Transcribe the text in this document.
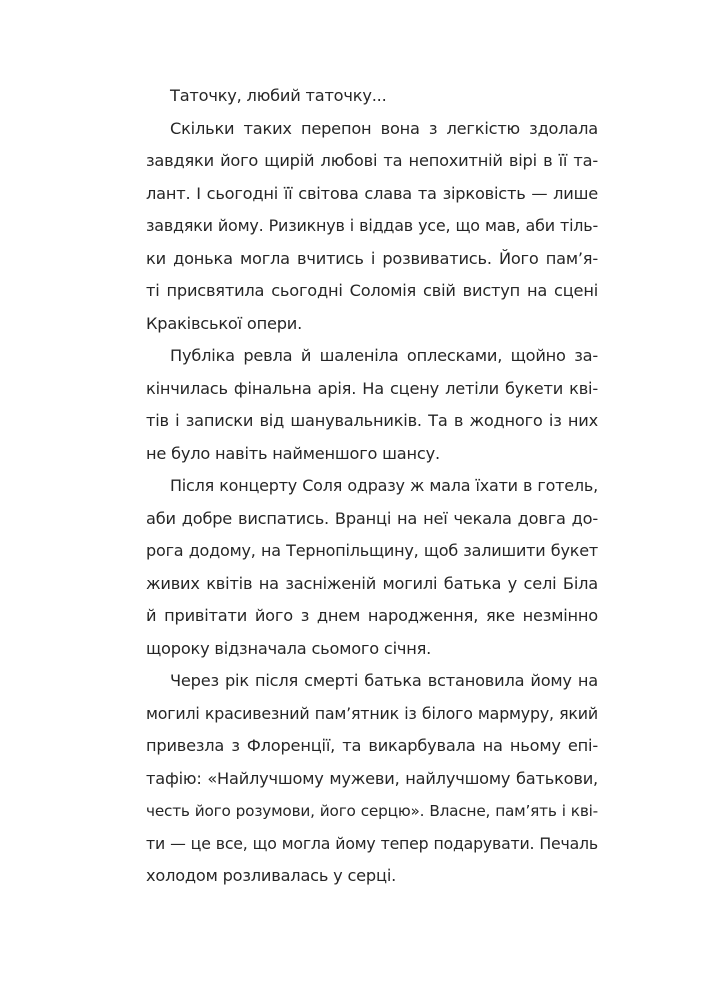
Таточку, любий таточку...

Скільки таких перепон вона з легкістю здолала
завдяки його щирій любові та непохитній вірі в її та-
лант. І сьогодні її світова слава та зірковість — лише
завдяки йому. Ризикнув і віддав усе, що мав, аби тіль-
ки донька могла вчитись і розвиватись. Його пам’я-
ті присвятила сьогодні Соломія свій виступ на сцені
Краківської опери.

Публіка ревла й шаленіла оплесками, щойно за-
кінчилась фінальна арія. На сцену летіли букети кві-
тів і записки від шанувальників. Та в жодного із них
не було навіть найменшого шансу.

Після концерту Соля одразу ж мала їхати в готель,
аби добре виспатись. Вранці на неї чекала довга до-
рога додому, на Тернопільщину, щоб залишити букет
живих квітів на засніженій могилі батька у селі Біла
й привітати його з днем народження, яке незмінно
щороку відзначала сьомого січня.

Через рік після смерті батька встановила йому на
могилі красивезний пам’ятник із білого мармуру, який
привезла з Флоренції, та викарбувала на ньому епі-
тафію: «Найлучшому мужеви, найлучшому батькови,
честь його розумови, його серцю». Власне, пам’ять і кві-
ти — це все, що могла йому тепер подарувати. Печаль
холодом розливалась у серці.
